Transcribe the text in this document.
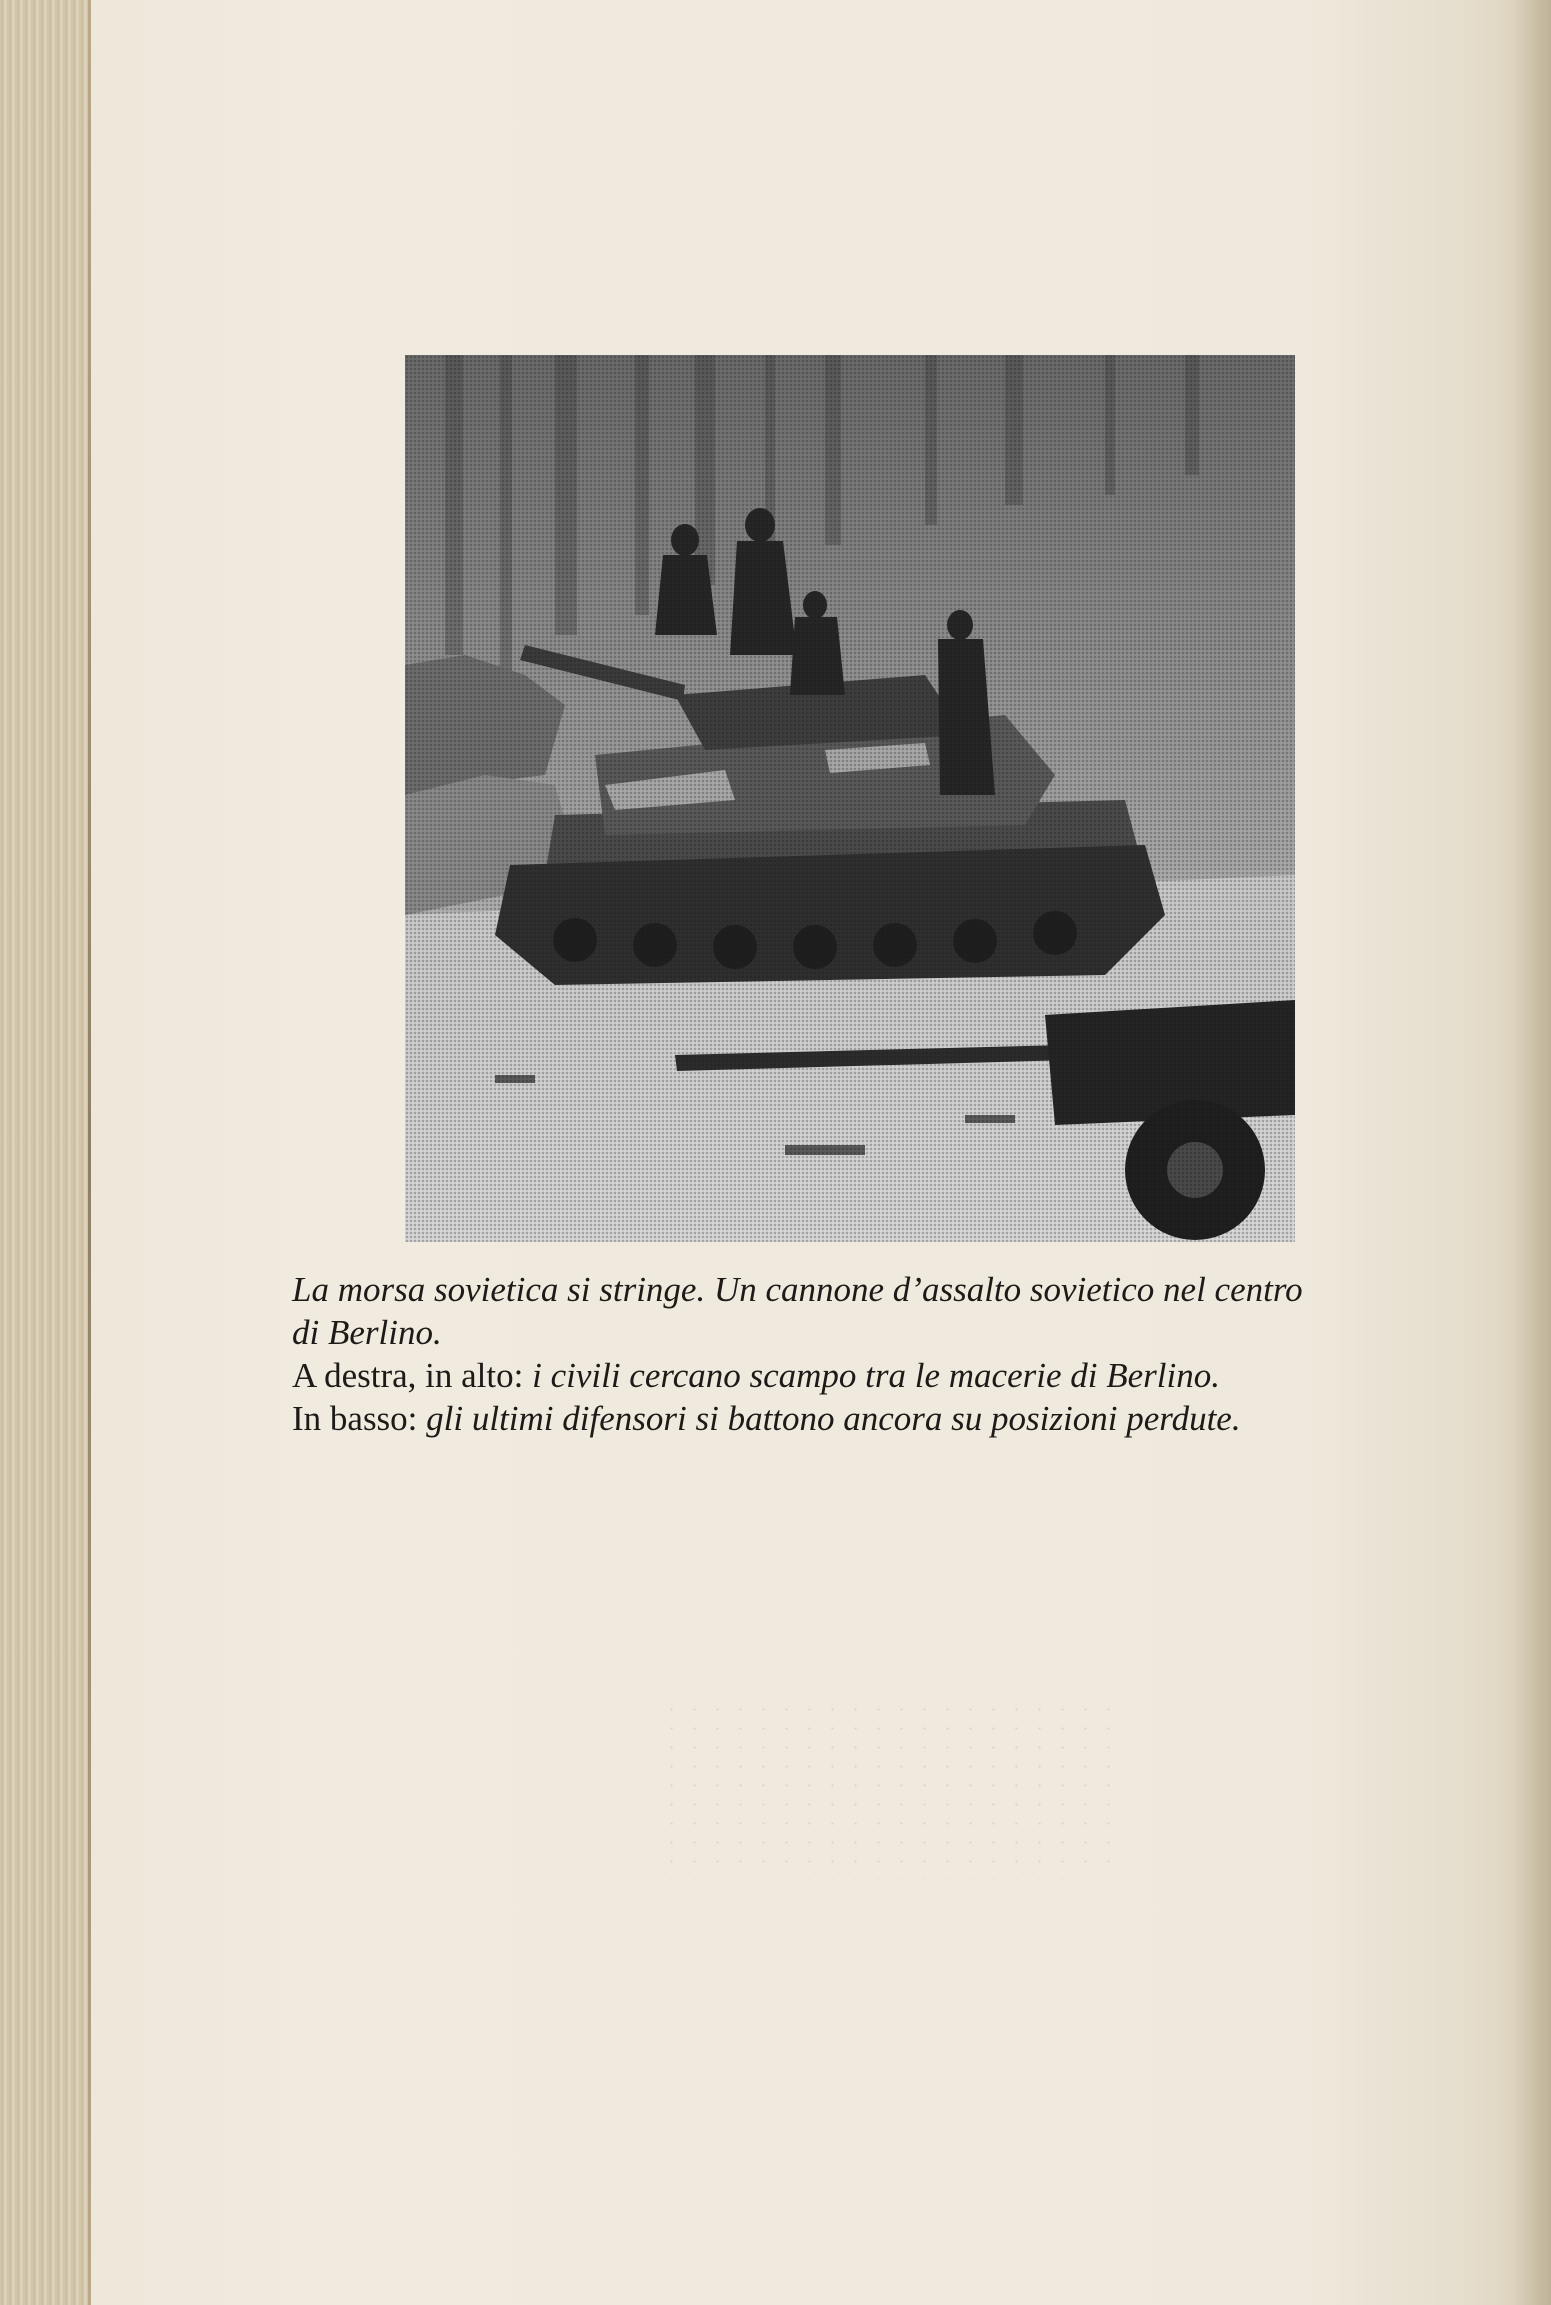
La morsa sovietica si stringe. Un cannone d’assalto sovietico nel centro

di Berlino.

A destra, in alto: i civili cercano scampo tra le macerie di Berlino.

In basso: gli ultimi difensori si battono ancora su posizioni perdute.
